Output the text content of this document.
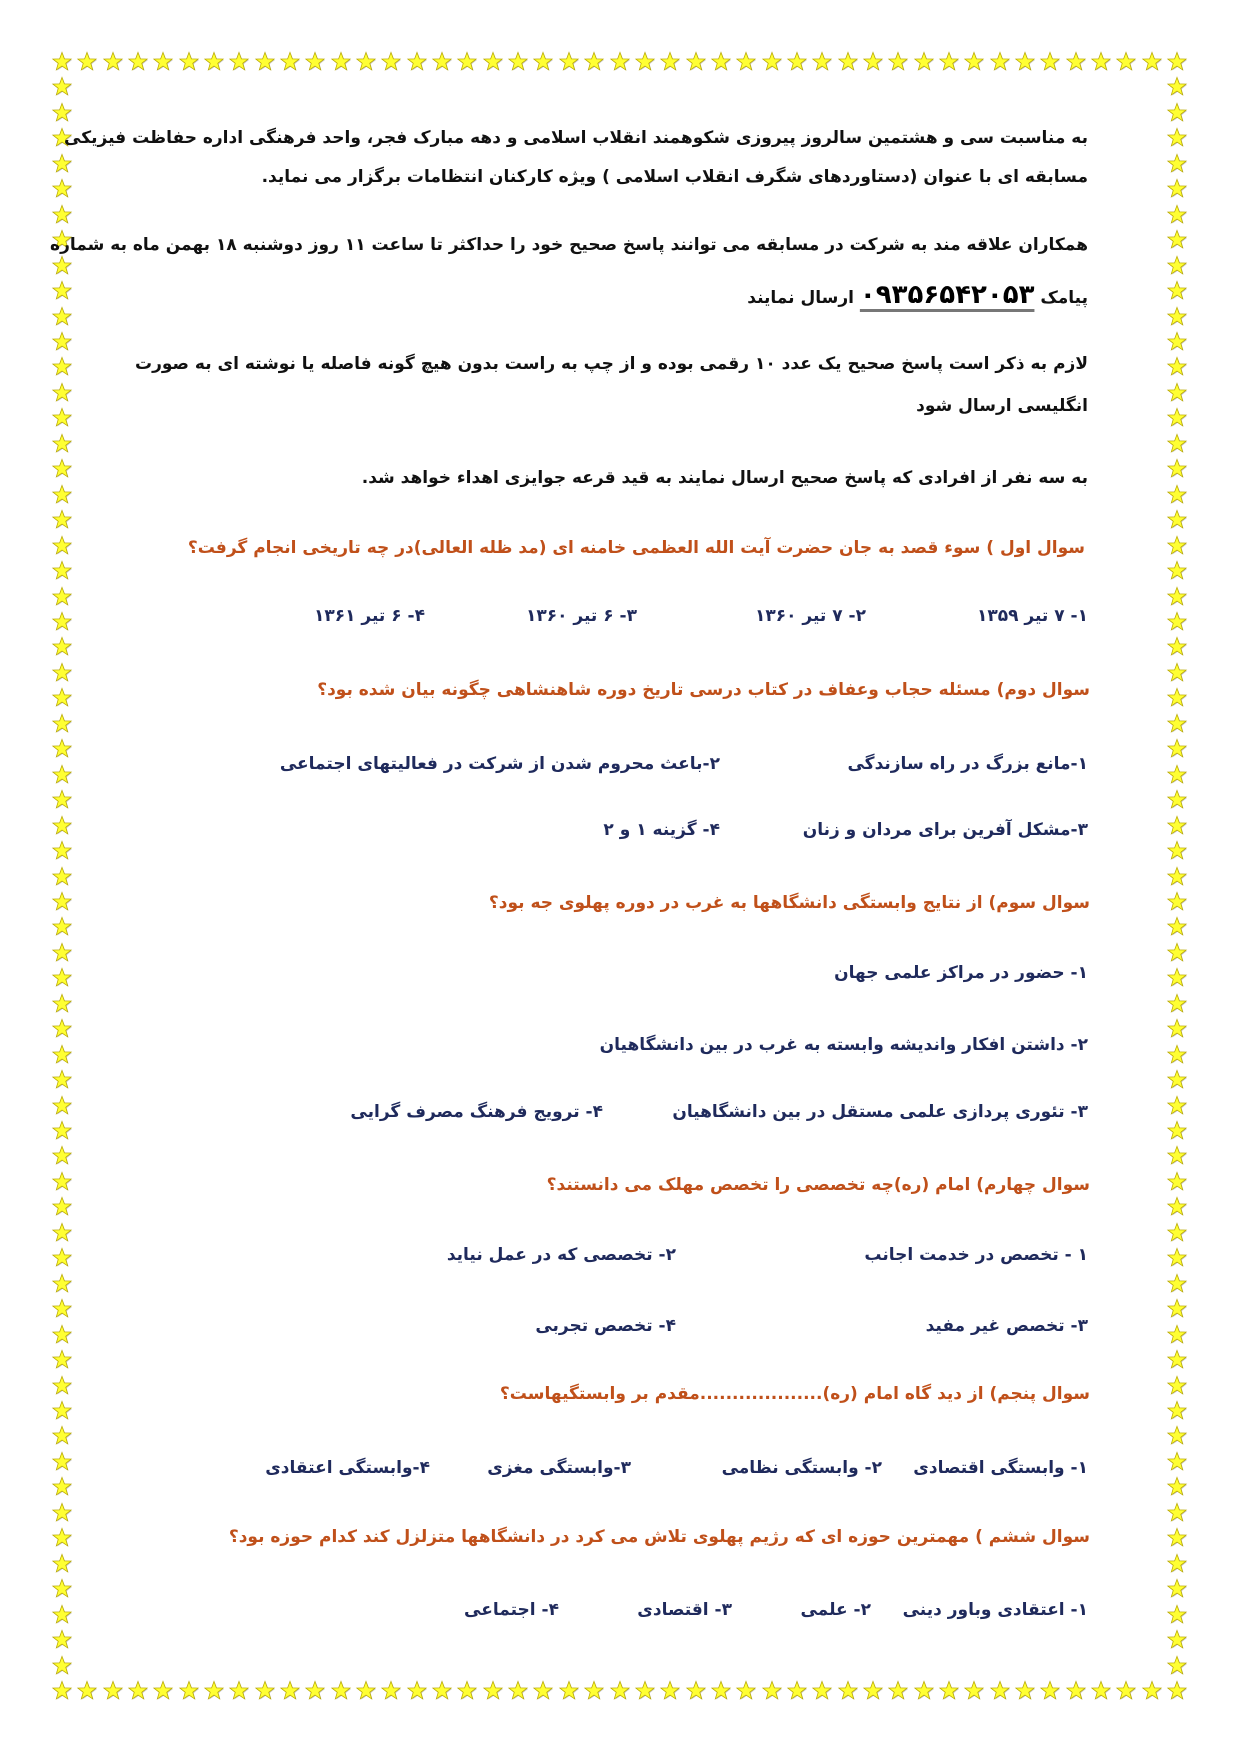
به مناسبت سی و هشتمین سالروز پیروزی شکوهمند انقلاب اسلامی و دهه مبارک فجر، واحد فرهنگی اداره حفاظت فیزیکی
مسابقه ای با عنوان (دستاوردهای شگرف انقلاب اسلامی ) ویژه کارکنان انتظامات برگزار می نماید.
همکاران علاقه مند به شرکت در مسابقه می توانند پاسخ صحیح خود را حداکثر تا ساعت ۱۱ روز دوشنبه ۱۸ بهمن ماه به شماره
پیامک ۰۹۳۵۶۵۴۲۰۵۳ ارسال نمایند
لازم به ذکر است پاسخ صحیح یک عدد ۱۰ رقمی بوده و از چپ به راست بدون هیچ گونه فاصله یا نوشته ای به صورت
انگلیسی ارسال شود
به سه نفر از افرادی که پاسخ صحیح ارسال نمایند به قید قرعه جوایزی اهداء خواهد شد.
سوال اول ) سوء قصد به جان حضرت آیت الله العظمی خامنه ای (مد ظله العالی)در چه تاریخی انجام گرفت؟
۱- ۷ تیر ۱۳۵۹
۲- ۷ تیر ۱۳۶۰
۳- ۶ تیر ۱۳۶۰
۴- ۶ تیر ۱۳۶۱
سوال دوم) مسئله حجاب وعفاف در کتاب درسی تاریخ دوره شاهنشاهی چگونه بیان شده بود؟
۱-مانع بزرگ در راه سازندگی
۲-باعث محروم شدن از شرکت در فعالیتهای اجتماعی
۳-مشکل آفرین برای مردان و زنان
۴- گزینه ۱ و ۲
سوال سوم) از نتایج وابستگی دانشگاهها به غرب در دوره پهلوی جه بود؟
۱- حضور در مراکز علمی جهان
۲- داشتن افکار واندیشه وابسته به غرب در بین دانشگاهیان
۳- تئوری پردازی علمی مستقل در بین دانشگاهیان
۴- ترویج فرهنگ مصرف گرایی
سوال چهارم) امام (ره)چه تخصصی را تخصص مهلک می دانستند؟
۱ - تخصص در خدمت اجانب
۲- تخصصی که در عمل نیاید
۳- تخصص غیر مفید
۴- تخصص تجربی
سوال پنجم) از دید گاه امام (ره)...................مقدم بر وابستگیهاست؟
۱- وابستگی اقتصادی
۲- وابستگی نظامی
۳-وابستگی مغزی
۴-وابستگی اعتقادی
سوال ششم ) مهمترین حوزه ای که رژیم پهلوی تلاش می کرد در دانشگاهها متزلزل کند کدام حوزه بود؟
۱- اعتقادی وباور دینی
۲- علمی
۳- اقتصادی
۴- اجتماعی
